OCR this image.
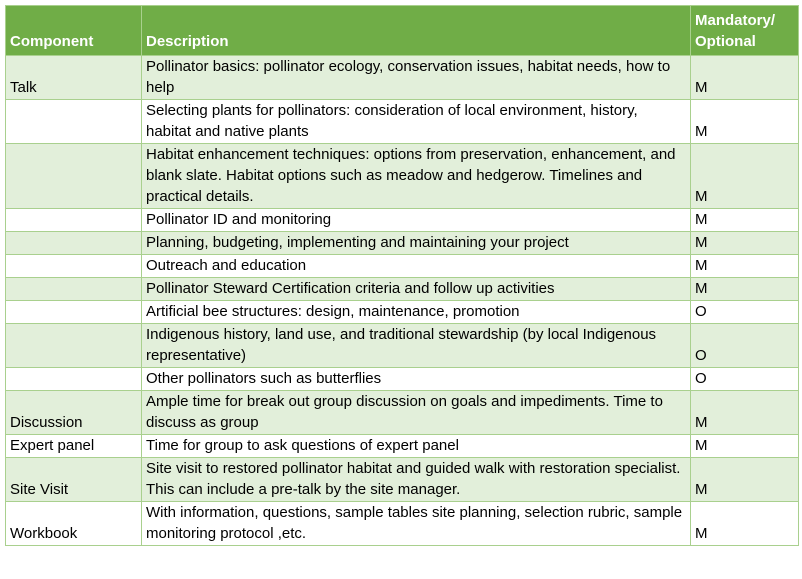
Component	Description	Mandatory/ Optional
Talk	Pollinator basics: pollinator ecology, conservation issues, habitat needs, how to help	M
	Selecting plants for pollinators: consideration of local environment, history, habitat and native plants	M
	Habitat enhancement techniques: options from preservation, enhancement, and blank slate. Habitat options such as meadow and hedgerow. Timelines and practical details.	M
	Pollinator ID and monitoring	M
	Planning, budgeting, implementing and maintaining your project	M
	Outreach and education	M
	Pollinator Steward Certification criteria and follow up activities	M
	Artificial bee structures: design, maintenance, promotion	O
	Indigenous history, land use, and traditional stewardship (by local Indigenous representative)	O
	Other pollinators such as butterflies	O
Discussion	Ample time for break out group discussion on goals and impediments. Time to discuss as group	M
Expert panel	Time for group to ask questions of expert panel	M
Site Visit	Site visit to restored pollinator habitat and guided walk with restoration specialist. This can include a pre-talk by the site manager.	M
Workbook	With information, questions, sample tables site planning, selection rubric, sample monitoring protocol ,etc.	M
